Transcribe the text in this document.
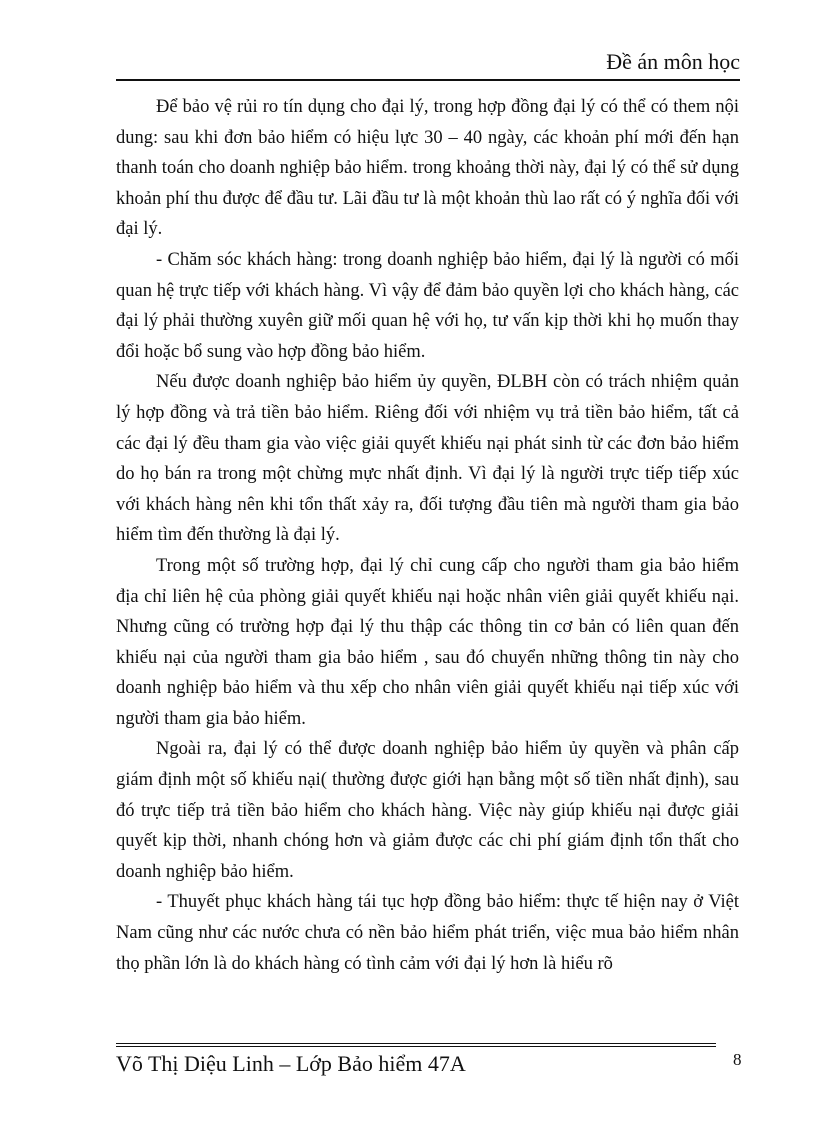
Đề án môn học

Để bảo vệ rủi ro tín dụng cho đại lý, trong hợp đồng đại lý có thể có them nội dung: sau khi đơn bảo hiểm có hiệu lực 30 – 40 ngày, các khoản phí mới đến hạn thanh toán cho doanh nghiệp bảo hiểm. trong khoảng thời này, đại lý có thể sử dụng khoản phí thu được để đầu tư. Lãi đầu tư là một khoản thù lao rất có ý nghĩa đối với đại lý.

- Chăm sóc khách hàng: trong doanh nghiệp bảo hiểm, đại lý là người có mối quan hệ trực tiếp với khách hàng. Vì vậy để đảm bảo quyền lợi cho khách hàng, các đại lý phải thường xuyên giữ mối quan hệ với họ, tư vấn kịp thời khi họ muốn thay đổi hoặc bổ sung vào hợp đồng bảo hiểm.

Nếu được doanh nghiệp bảo hiểm ủy quyền, ĐLBH còn có trách nhiệm quản lý hợp đồng và trả tiền bảo hiểm. Riêng đối với nhiệm vụ trả tiền bảo hiểm, tất cả các đại lý đều tham gia vào việc giải quyết khiếu nại phát sinh từ các đơn bảo hiểm do họ bán ra trong một chừng mực nhất định. Vì đại lý là người trực tiếp tiếp xúc với khách hàng nên khi tổn thất xảy ra, đối tượng đầu tiên mà người tham gia bảo hiểm tìm đến thường là đại lý.

Trong một số trường hợp, đại lý chỉ cung cấp cho người tham gia bảo hiểm địa chỉ liên hệ của phòng giải quyết khiếu nại hoặc nhân viên giải quyết khiếu nại. Nhưng cũng có trường hợp đại lý thu thập các thông tin cơ bản có liên quan đến khiếu nại của người tham gia bảo hiểm , sau đó chuyển những thông tin này cho doanh nghiệp bảo hiểm và thu xếp cho nhân viên giải quyết khiếu nại tiếp xúc với người tham gia bảo hiểm.

Ngoài ra, đại lý có thể được doanh nghiệp bảo hiểm ủy quyền và phân cấp giám định một số khiếu nại( thường được giới hạn bằng một số tiền nhất định), sau đó trực tiếp trả tiền bảo hiểm cho khách hàng. Việc này giúp khiếu nại được giải quyết kịp thời, nhanh chóng hơn và giảm được các chi phí giám định tổn thất cho doanh nghiệp bảo hiểm.

- Thuyết phục khách hàng tái tục hợp đồng bảo hiểm: thực tế hiện nay ở Việt Nam cũng như các nước chưa có nền bảo hiểm phát triển, việc mua bảo hiểm nhân thọ phần lớn là do khách hàng có tình cảm với đại lý hơn là hiểu rõ

Võ Thị Diệu Linh – Lớp Bảo hiểm 47A	8
